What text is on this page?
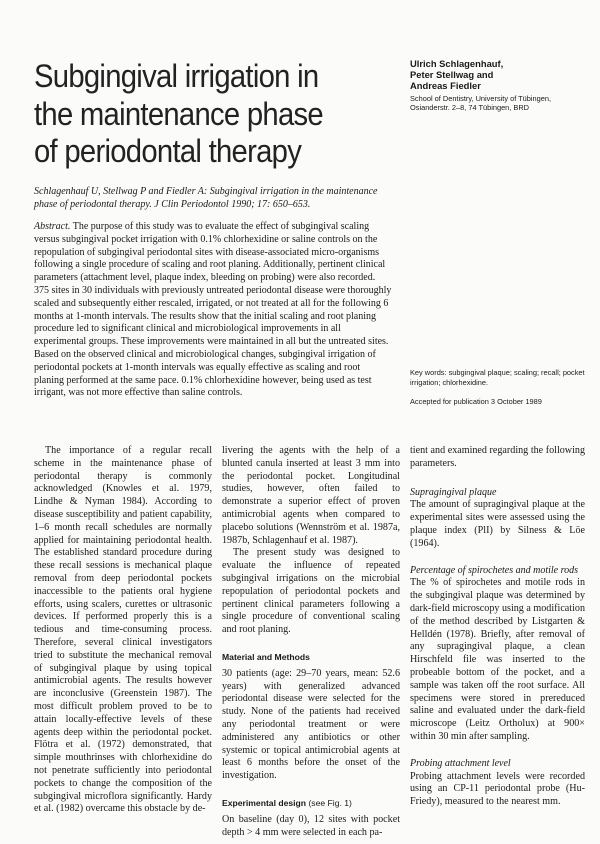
Subgingival irrigation in the maintenance phase of periodontal therapy
Ulrich Schlagenhauf,
Peter Stellwag and
Andreas Fiedler
School of Dentistry, University of Tübingen,
Osianderstr. 2–8, 74 Tübingen, BRD
Schlagenhauf U, Stellwag P and Fiedler A: Subgingival irrigation in the maintenance phase of periodontal therapy. J Clin Periodontol 1990; 17: 650–653.
Abstract. The purpose of this study was to evaluate the effect of subgingival scaling versus subgingival pocket irrigation with 0.1% chlorhexidine or saline controls on the repopulation of subgingival periodontal sites with disease-associated micro-organisms following a single procedure of scaling and root planing. Additionally, pertinent clinical parameters (attachment level, plaque index, bleeding on probing) were also recorded. 375 sites in 30 individuals with previously untreated periodontal disease were thoroughly scaled and subsequently either rescaled, irrigated, or not treated at all for the following 6 months at 1-month intervals. The results show that the initial scaling and root planing procedure led to significant clinical and microbiological improvements in all experimental groups. These improvements were maintained in all but the untreated sites. Based on the observed clinical and microbiological changes, subgingival irrigation of periodontal pockets at 1-month intervals was equally effective as scaling and root planing performed at the same pace. 0.1% chlorhexidine however, being used as test irrigant, was not more effective than saline controls.
Key words: subgingival plaque; scaling; recall; pocket irrigation; chlorhexidine.
Accepted for publication 3 October 1989

The importance of a regular recall scheme in the maintenance phase of periodontal therapy is commonly acknowledged (Knowles et al. 1979, Lindhe & Nyman 1984). According to disease susceptibility and patient capability, 1–6 month recall schedules are normally applied for maintaining periodontal health. The established standard procedure during these recall sessions is mechanical plaque removal from deep periodontal pockets inaccessible to the patients oral hygiene efforts, using scalers, curettes or ultrasonic devices. If performed properly this is a tedious and time-consuming process. Therefore, several clinical investigators tried to substitute the mechanical removal of subgingival plaque by using topical antimicrobial agents. The results however are inconclusive (Greenstein 1987). The most difficult problem proved to be to attain locally-effective levels of these agents deep within the periodontal pocket. Flötra et al. (1972) demonstrated, that simple mouthrinses with chlorhexidine do not penetrate sufficiently into periodontal pockets to change the composition of the subgingival microflora significantly. Hardy et al. (1982) overcame this obstacle by de-

livering the agents with the help of a blunted canula inserted at least 3 mm into the periodontal pocket. Longitudinal studies, however, often failed to demonstrate a superior effect of proven antimicrobial agents when compared to placebo solutions (Wennström et al. 1987a, 1987b, Schlagenhauf et al. 1987).

The present study was designed to evaluate the influence of repeated subgingival irrigations on the microbial repopulation of periodontal pockets and pertinent clinical parameters following a single procedure of conventional scaling and root planing.

Material and Methods

30 patients (age: 29–70 years, mean: 52.6 years) with generalized advanced periodontal disease were selected for the study. None of the patients had received any periodontal treatment or were administered any antibiotics or other systemic or topical antimicrobial agents at least 6 months before the onset of the investigation.

Experimental design (see Fig. 1)

On baseline (day 0), 12 sites with pocket depth > 4 mm were selected in each pa-

tient and examined regarding the following parameters.

Supragingival plaque

The amount of supragingival plaque at the experimental sites were assessed using the plaque index (PlI) by Silness & Löe (1964).

Percentage of spirochetes and motile rods

The % of spirochetes and motile rods in the subgingival plaque was determined by dark-field microscopy using a modification of the method described by Listgarten & Helldén (1978). Briefly, after removal of any supragingival plaque, a clean Hirschfeld file was inserted to the probeable bottom of the pocket, and a sample was taken off the root surface. All specimens were stored in prereduced saline and evaluated under the dark-field microscope (Leitz Ortholux) at 900× within 30 min after sampling.

Probing attachment level

Probing attachment levels were recorded using an CP-11 periodontal probe (Hu-Friedy), measured to the nearest mm.
